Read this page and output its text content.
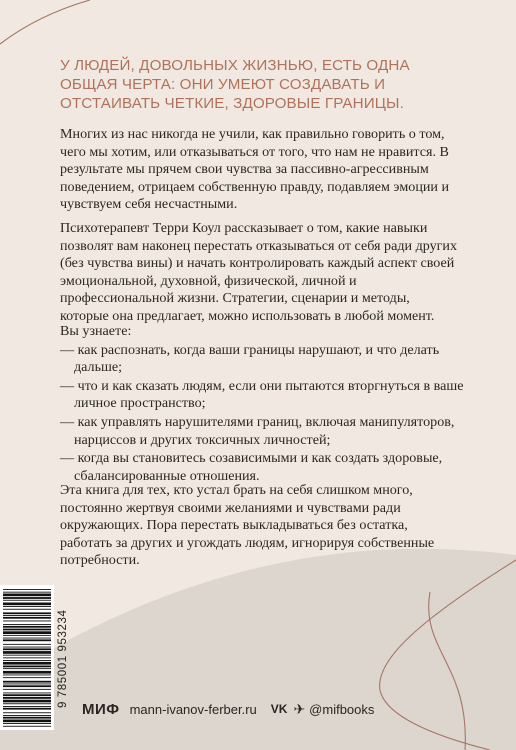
У ЛЮДЕЙ, ДОВОЛЬНЫХ ЖИЗНЬЮ, ЕСТЬ ОДНА ОБЩАЯ ЧЕРТА: ОНИ УМЕЮТ СОЗДАВАТЬ И ОТСТАИВАТЬ ЧЕТКИЕ, ЗДОРОВЫЕ ГРАНИЦЫ.

Многих из нас никогда не учили, как правильно говорить о том, чего мы хотим, или отказываться от того, что нам не нравится. В результате мы прячем свои чувства за пассивно-агрессивным поведением, отрицаем собственную правду, подавляем эмоции и чувствуем себя несчастными.

Психотерапевт Терри Коул рассказывает о том, какие навыки позволят вам наконец перестать отказываться от себя ради других (без чувства вины) и начать контролировать каждый аспект своей эмоциональной, духовной, физической, личной и профессиональной жизни. Стратегии, сценарии и методы, которые она предлагает, можно использовать в любой момент.

Вы узнаете:
— как распознать, когда ваши границы нарушают, и что делать дальше;
— что и как сказать людям, если они пытаются вторгнуться в ваше личное пространство;
— как управлять нарушителями границ, включая манипуляторов, нарциссов и других токсичных личностей;
— когда вы становитесь созависимыми и как создать здоровые, сбалансированные отношения.

Эта книга для тех, кто устал брать на себя слишком много, постоянно жертвуя своими желаниями и чувствами ради окружающих. Пора перестать выкладываться без остатка, работать за других и угождать людям, игнорируя собственные потребности.

9 785001 953234
МИФ mann-ivanov-ferber.ru VK ✈ @mifbooks
